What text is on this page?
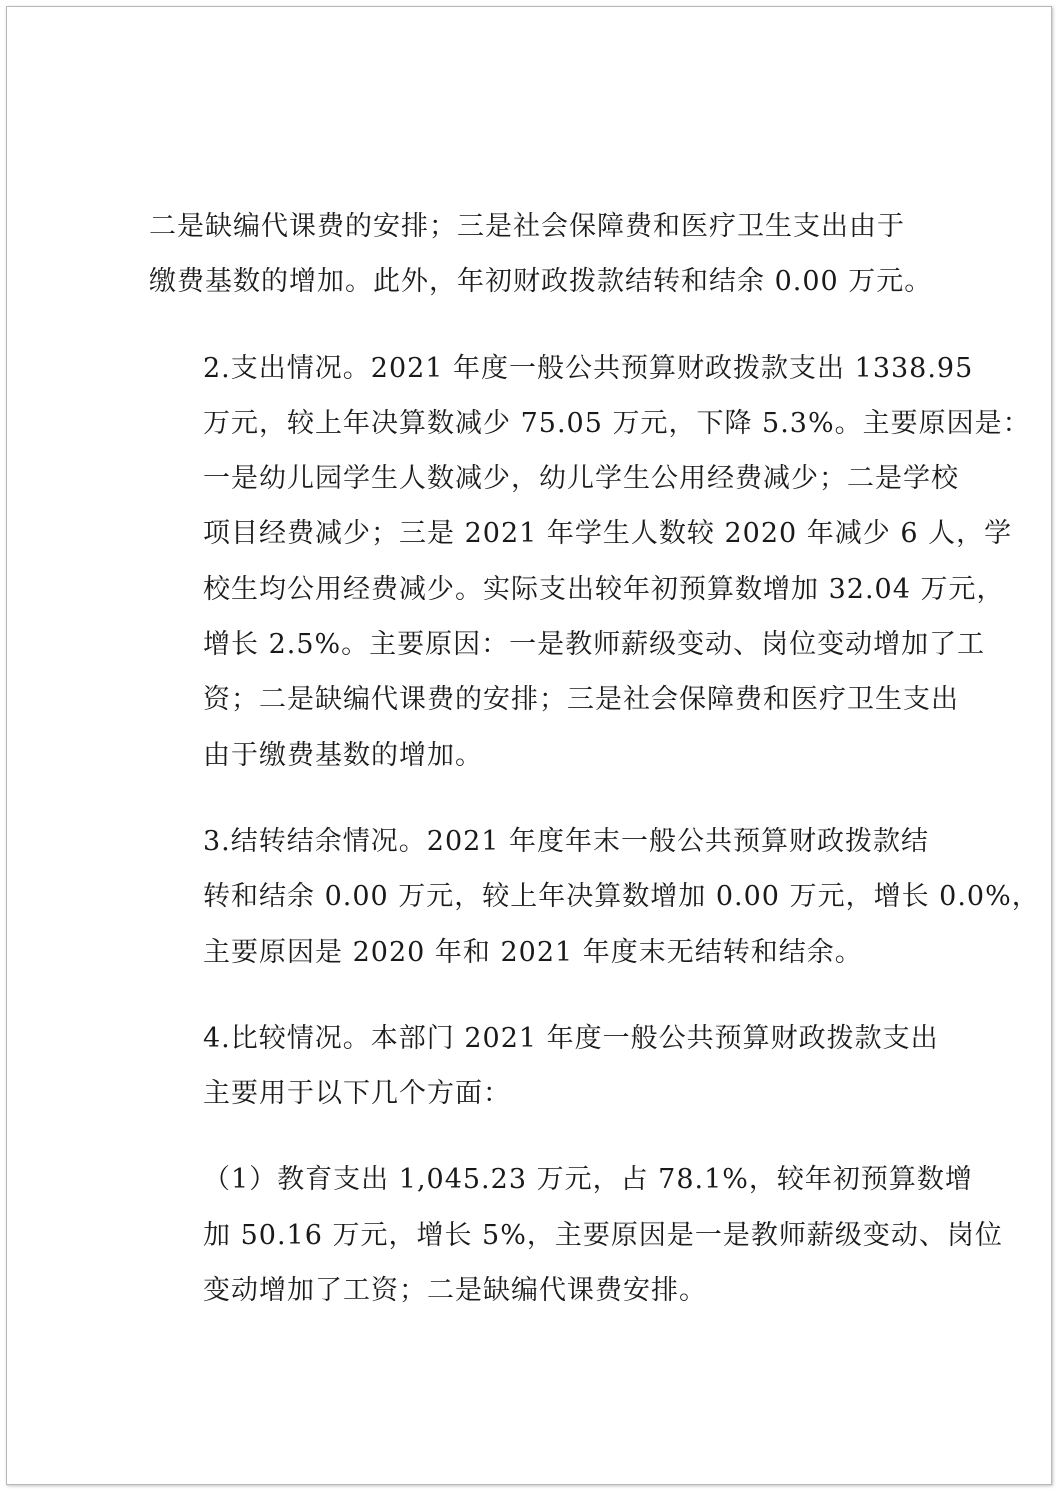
二是缺编代课费的安排；三是社会保障费和医疗卫生支出由于
缴费基数的增加。此外，年初财政拨款结转和结余 0.00 万元。

2.支出情况。2021 年度一般公共预算财政拨款支出 1338.95
万元，较上年决算数减少 75.05 万元，下降 5.3%。主要原因是：
一是幼儿园学生人数减少，幼儿学生公用经费减少；二是学校
项目经费减少；三是 2021 年学生人数较 2020 年减少 6 人，学
校生均公用经费减少。实际支出较年初预算数增加 32.04 万元，
增长 2.5%。主要原因：一是教师薪级变动、岗位变动增加了工
资；二是缺编代课费的安排；三是社会保障费和医疗卫生支出
由于缴费基数的增加。

3.结转结余情况。2021 年度年末一般公共预算财政拨款结
转和结余 0.00 万元，较上年决算数增加 0.00 万元，增长 0.0%，
主要原因是 2020 年和 2021 年度末无结转和结余。

4.比较情况。本部门 2021 年度一般公共预算财政拨款支出
主要用于以下几个方面：

（1）教育支出 1,045.23 万元，占 78.1%，较年初预算数增
加 50.16 万元，增长 5%，主要原因是一是教师薪级变动、岗位
变动增加了工资；二是缺编代课费安排。
